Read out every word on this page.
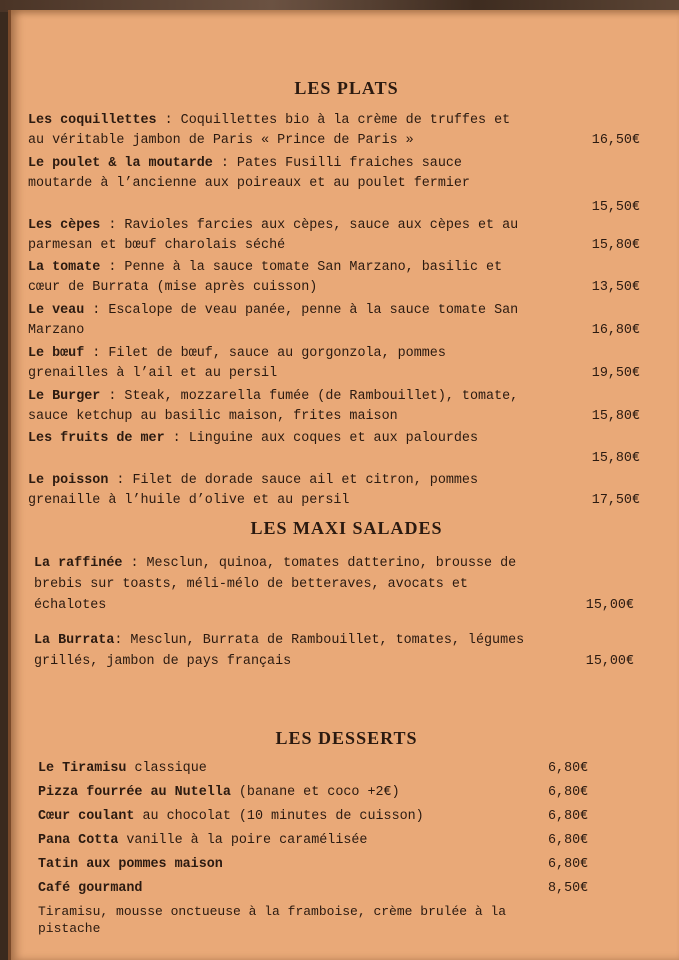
LES PLATS
Les coquillettes : Coquillettes bio à la crème de truffes et
au véritable jambon de Paris « Prince de Paris »	16,50€
Le poulet & la moutarde : Pates Fusilli fraiches sauce
moutarde à l’ancienne aux poireaux et au poulet fermier
15,50€
Les cèpes : Ravioles farcies aux cèpes, sauce aux cèpes et au
parmesan et bœuf charolais séché	15,80€
La tomate : Penne à la sauce tomate San Marzano, basilic et
cœur de Burrata (mise après cuisson)	13,50€
Le veau : Escalope de veau panée, penne à la sauce tomate San
Marzano	16,80€
Le bœuf : Filet de bœuf, sauce au gorgonzola, pommes
grenailles à l’ail et au persil	19,50€
Le Burger : Steak, mozzarella fumée (de Rambouillet), tomate,
sauce ketchup au basilic maison, frites maison	15,80€
Les fruits de mer : Linguine aux coques et aux palourdes
15,80€
Le poisson : Filet de dorade sauce ail et citron, pommes
grenaille à l’huile d’olive et au persil	17,50€
LES MAXI SALADES
La raffinée : Mesclun, quinoa, tomates datterino, brousse de
brebis sur toasts, méli-mélo de betteraves, avocats et
échalotes	15,00€
La Burrata: Mesclun, Burrata de Rambouillet, tomates, légumes
grillés, jambon de pays français	15,00€
LES DESSERTS
Le Tiramisu classique	6,80€
Pizza fourrée au Nutella (banane et coco +2€)	6,80€
Cœur coulant au chocolat (10 minutes de cuisson)	6,80€
Pana Cotta vanille à la poire caramélisée	6,80€
Tatin aux pommes maison	6,80€
Café gourmand	8,50€
Tiramisu, mousse onctueuse à la framboise, crème brulée à la
pistache
